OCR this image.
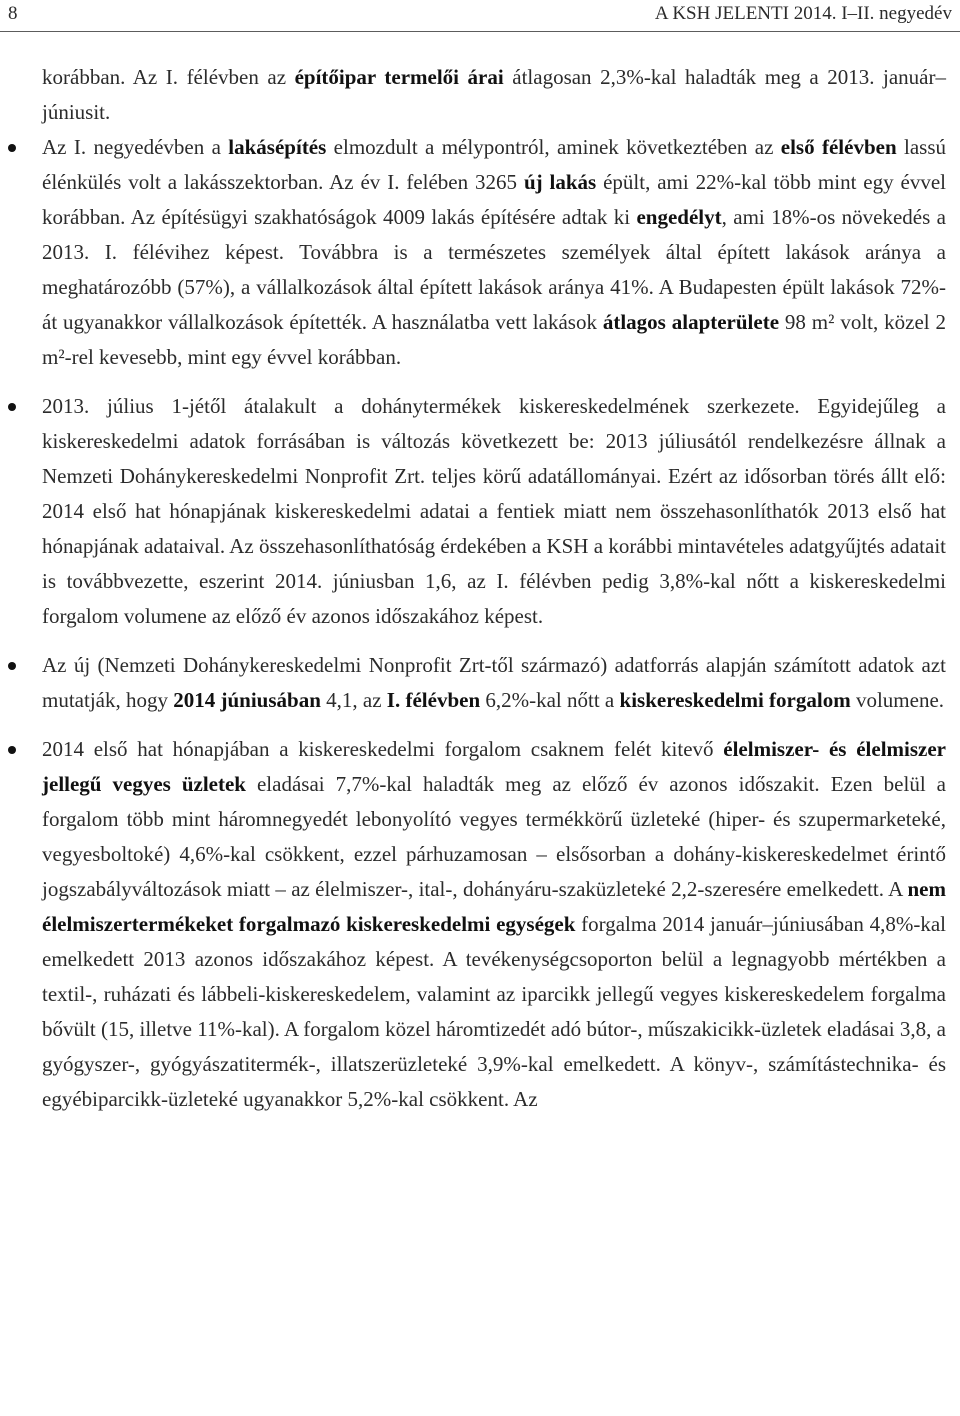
8	A KSH JELENTI 2014. I–II. negyedév

korábban. Az I. félévben az építőipar termelői árai átlagosan 2,3%-kal haladták meg a 2013. január–júniusit.

Az I. negyedévben a lakásépítés elmozdult a mélypontról, aminek következtében az első félévben lassú élénkülés volt a lakásszektorban. Az év I. felében 3265 új lakás épült, ami 22%-kal több mint egy évvel korábban. Az építésügyi szakhatóságok 4009 lakás építésére adtak ki engedélyt, ami 18%-os növekedés a 2013. I. félévihez képest. Továbbra is a természetes személyek által épített lakások aránya a meghatározóbb (57%), a vállalkozások által épített lakások aránya 41%. A Budapesten épült lakások 72%-át ugyanakkor vállalkozások építették. A használatba vett lakások átlagos alapterülete 98 m² volt, közel 2 m²-rel kevesebb, mint egy évvel korábban.
2013. július 1-jétől átalakult a dohánytermékek kiskereskedelmének szerkezete. Egyidejűleg a kiskereskedelmi adatok forrásában is változás következett be: 2013 júliusától rendelkezésre állnak a Nemzeti Dohánykereskedelmi Nonprofit Zrt. teljes körű adatállományai. Ezért az idősorban törés állt elő: 2014 első hat hónapjának kiskereskedelmi adatai a fentiek miatt nem összehasonlíthatók 2013 első hat hónapjának adataival. Az összehasonlíthatóság érdekében a KSH a korábbi mintavételes adatgyűjtés adatait is továbbvezette, eszerint 2014. júniusban 1,6, az I. félévben pedig 3,8%-kal nőtt a kiskereskedelmi forgalom volumene az előző év azonos időszakához képest.
Az új (Nemzeti Dohánykereskedelmi Nonprofit Zrt-től származó) adatforrás alapján számított adatok azt mutatják, hogy 2014 júniusában 4,1, az I. félévben 6,2%-kal nőtt a kiskereskedelmi forgalom volumene.
2014 első hat hónapjában a kiskereskedelmi forgalom csaknem felét kitevő élelmiszer- és élelmiszer jellegű vegyes üzletek eladásai 7,7%-kal haladták meg az előző év azonos időszakit. Ezen belül a forgalom több mint háromnegyedét lebonyolító vegyes termékkörű üzleteké (hiper- és szupermarketeké, vegyesboltoké) 4,6%-kal csökkent, ezzel párhuzamosan – elsősorban a dohány-kiskereskedelmet érintő jogszabályváltozások miatt – az élelmiszer-, ital-, dohányáru-szaküzleteké 2,2-szeresére emelkedett. A nem élelmiszertermékeket forgalmazó kiskereskedelmi egységek forgalma 2014 január–júniusában 4,8%-kal emelkedett 2013 azonos időszakához képest. A tevékenységcsoporton belül a legnagyobb mértékben a textil-, ruházati és lábbeli-kiskereskedelem, valamint az iparcikk jellegű vegyes kiskereskedelem forgalma bővült (15, illetve 11%-kal). A forgalom közel háromtizedét adó bútor-, műszakicikk-üzletek eladásai 3,8, a gyógyszer-, gyógyászatitermék-, illatszerüzleteké 3,9%-kal emelkedett. A könyv-, számítástechnika- és egyébiparcikk-üzleteké ugyanakkor 5,2%-kal csökkent. Az
